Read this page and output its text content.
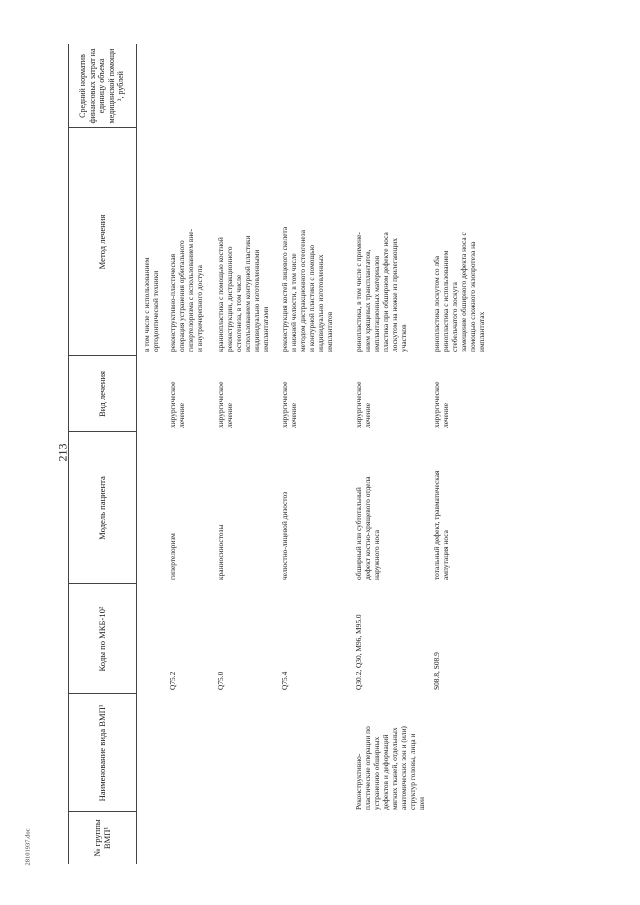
213
28101937.doc	№ группы ВМП¹
Наименование вида ВМП¹
Коды по МКБ-10²
Модель пациента
Вид лечения
Метод лечения
Средний норматив финансовых затрат на единицу объема медицинской помощи ³, рублей
в том числе с использованием
ортодонтической техники
Q75.2
гипертелоризм
хирургическое
лечение
реконструктивно-пластическая
операция устранения орбитального
гипертелоризма с использованием вне-
и внутричерепного доступа
Q75.0
краниосиностозы
хирургическое
лечение
краниопластика с помощью костной
реконструкции, дистракционного
остеогенеза, в том числе
использованием контурной пластики
индивидуально изготовленными
имплантатами
Q75.4
челюстно-лицевой дизостоз
хирургическое
лечение
реконструкция костей лицевого скелета
и нижней челюсти, в том числе
методом дистракционного остеогенеза
и контурной пластики с помощью
индивидуально изготовленных
имплантатов
Реконструктивно-
пластические операции по
устранению обширных
дефектов и деформаций
мягких тканей, отдельных
анатомических зон и (или)
структур головы, лица и
шеи
Q30.2, Q30, M96, M95.0
обширный или субтотальный
дефект костно-хрящевого отдела
наружного носа
хирургическое
лечение
ринопластика, в том числе с примене-
нием хрящевых трансплантатов,
имплантационных материалов
пластика при обширном дефекте носа
лоскутом на ножке из прилегающих
участков
S08.8, S08.9
тотальный дефект, травматическая
ампутация носа
хирургическое
лечение
ринопластика лоскутом со лба
ринопластика с использованием
стебельчатого лоскута
замещение обширного дефекта носа с
помощью сложного экзопротеза на
имплантатах
